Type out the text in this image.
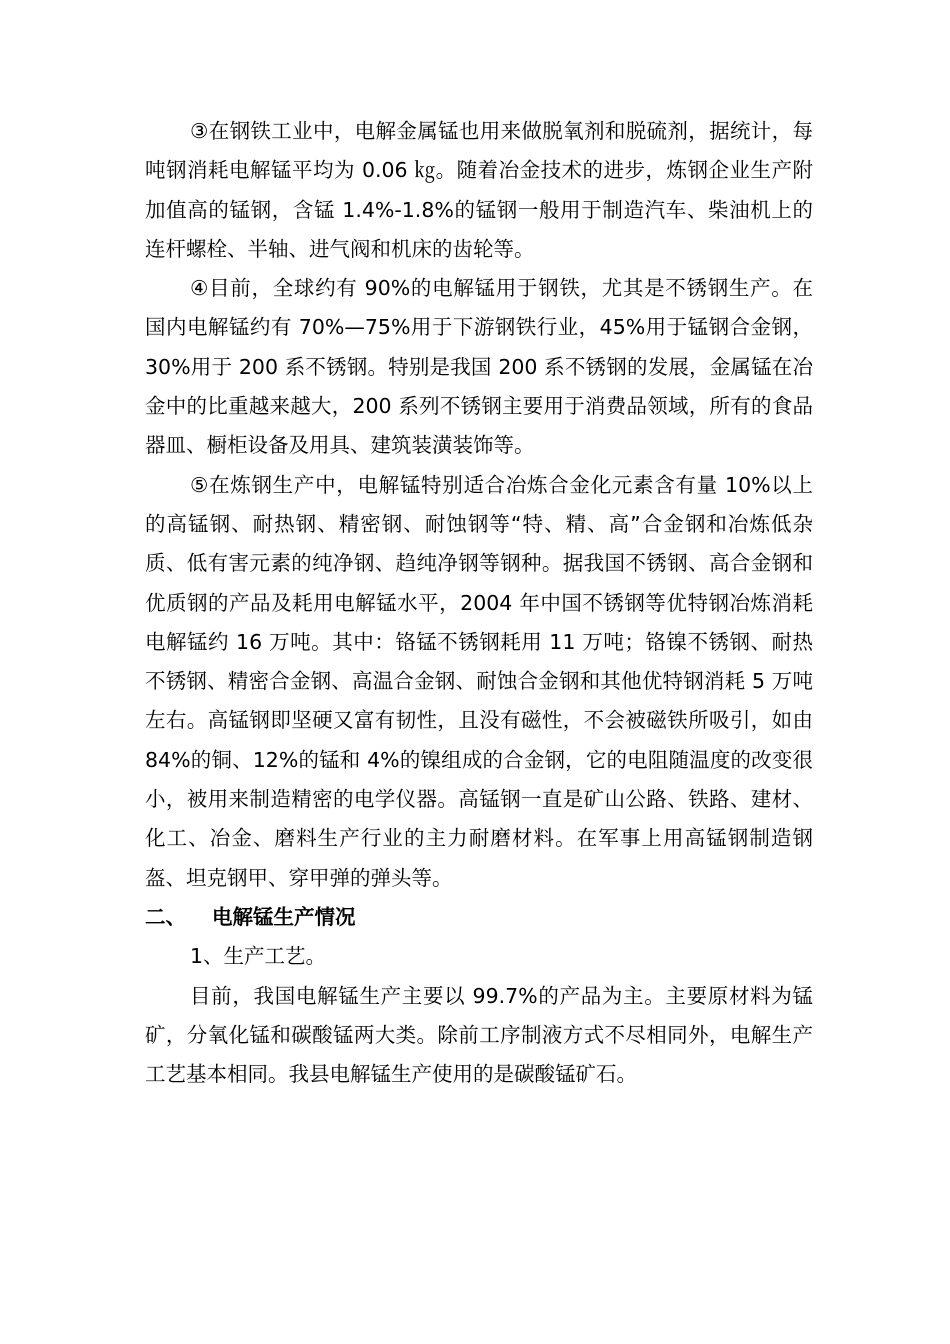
③在钢铁工业中，电解金属锰也用来做脱氧剂和脱硫剂，据统计，每吨钢消耗电解锰平均为 0.06 ㎏。随着冶金技术的进步，炼钢企业生产附加值高的锰钢，含锰 1.4%-1.8%的锰钢一般用于制造汽车、柴油机上的连杆螺栓、半轴、进气阀和机床的齿轮等。

④目前，全球约有 90%的电解锰用于钢铁，尤其是不锈钢生产。在国内电解锰约有 70%—75%用于下游钢铁行业，45%用于锰钢合金钢，30%用于 200 系不锈钢。特别是我国 200 系不锈钢的发展，金属锰在冶金中的比重越来越大，200 系列不锈钢主要用于消费品领域，所有的食品器皿、橱柜设备及用具、建筑装潢装饰等。

⑤在炼钢生产中，电解锰特别适合冶炼合金化元素含有量 10%以上的高锰钢、耐热钢、精密钢、耐蚀钢等“特、精、高”合金钢和冶炼低杂质、低有害元素的纯净钢、趋纯净钢等钢种。据我国不锈钢、高合金钢和优质钢的产品及耗用电解锰水平，2004 年中国不锈钢等优特钢冶炼消耗电解锰约 16 万吨。其中：铬锰不锈钢耗用 11 万吨；铬镍不锈钢、耐热不锈钢、精密合金钢、高温合金钢、耐蚀合金钢和其他优特钢消耗 5 万吨左右。高锰钢即坚硬又富有韧性，且没有磁性，不会被磁铁所吸引，如由 84%的铜、12%的锰和 4%的镍组成的合金钢，它的电阻随温度的改变很小，被用来制造精密的电学仪器。高锰钢一直是矿山公路、铁路、建材、化工、冶金、磨料生产行业的主力耐磨材料。在军事上用高锰钢制造钢盔、坦克钢甲、穿甲弹的弹头等。

二、 电解锰生产情况

1、生产工艺。

目前，我国电解锰生产主要以 99.7%的产品为主。主要原材料为锰矿，分氧化锰和碳酸锰两大类。除前工序制液方式不尽相同外，电解生产工艺基本相同。我县电解锰生产使用的是碳酸锰矿石。
